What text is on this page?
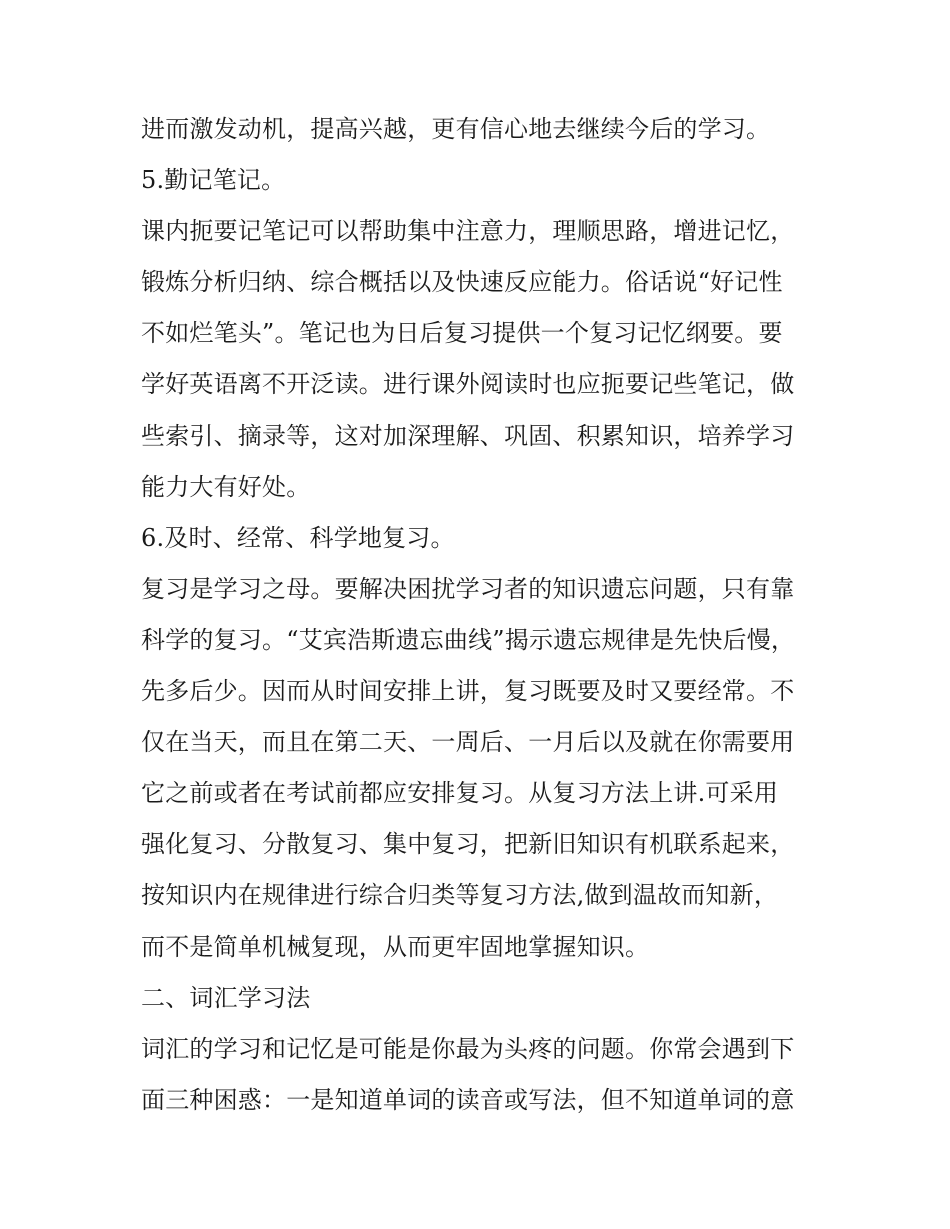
进而激发动机，提高兴越，更有信心地去继续今后的学习。
5.勤记笔记。
课内扼要记笔记可以帮助集中注意力，理顺思路，增进记忆，
锻炼分析归纳、综合概括以及快速反应能力。俗话说“好记性
不如烂笔头”。笔记也为日后复习提供一个复习记忆纲要。要
学好英语离不开泛读。进行课外阅读时也应扼要记些笔记，做
些索引、摘录等，这对加深理解、巩固、积累知识，培养学习
能力大有好处。
6.及时、经常、科学地复习。
复习是学习之母。要解决困扰学习者的知识遗忘问题，只有靠
科学的复习。“艾宾浩斯遗忘曲线”揭示遗忘规律是先快后慢，
先多后少。因而从时间安排上讲，复习既要及时又要经常。不
仅在当天，而且在第二天、一周后、一月后以及就在你需要用
它之前或者在考试前都应安排复习。从复习方法上讲.可采用
强化复习、分散复习、集中复习，把新旧知识有机联系起来，
按知识内在规律进行综合归类等复习方法,做到温故而知新，
而不是简单机械复现，从而更牢固地掌握知识。
二、词汇学习法
词汇的学习和记忆是可能是你最为头疼的问题。你常会遇到下
面三种困惑：一是知道单词的读音或写法，但不知道单词的意
